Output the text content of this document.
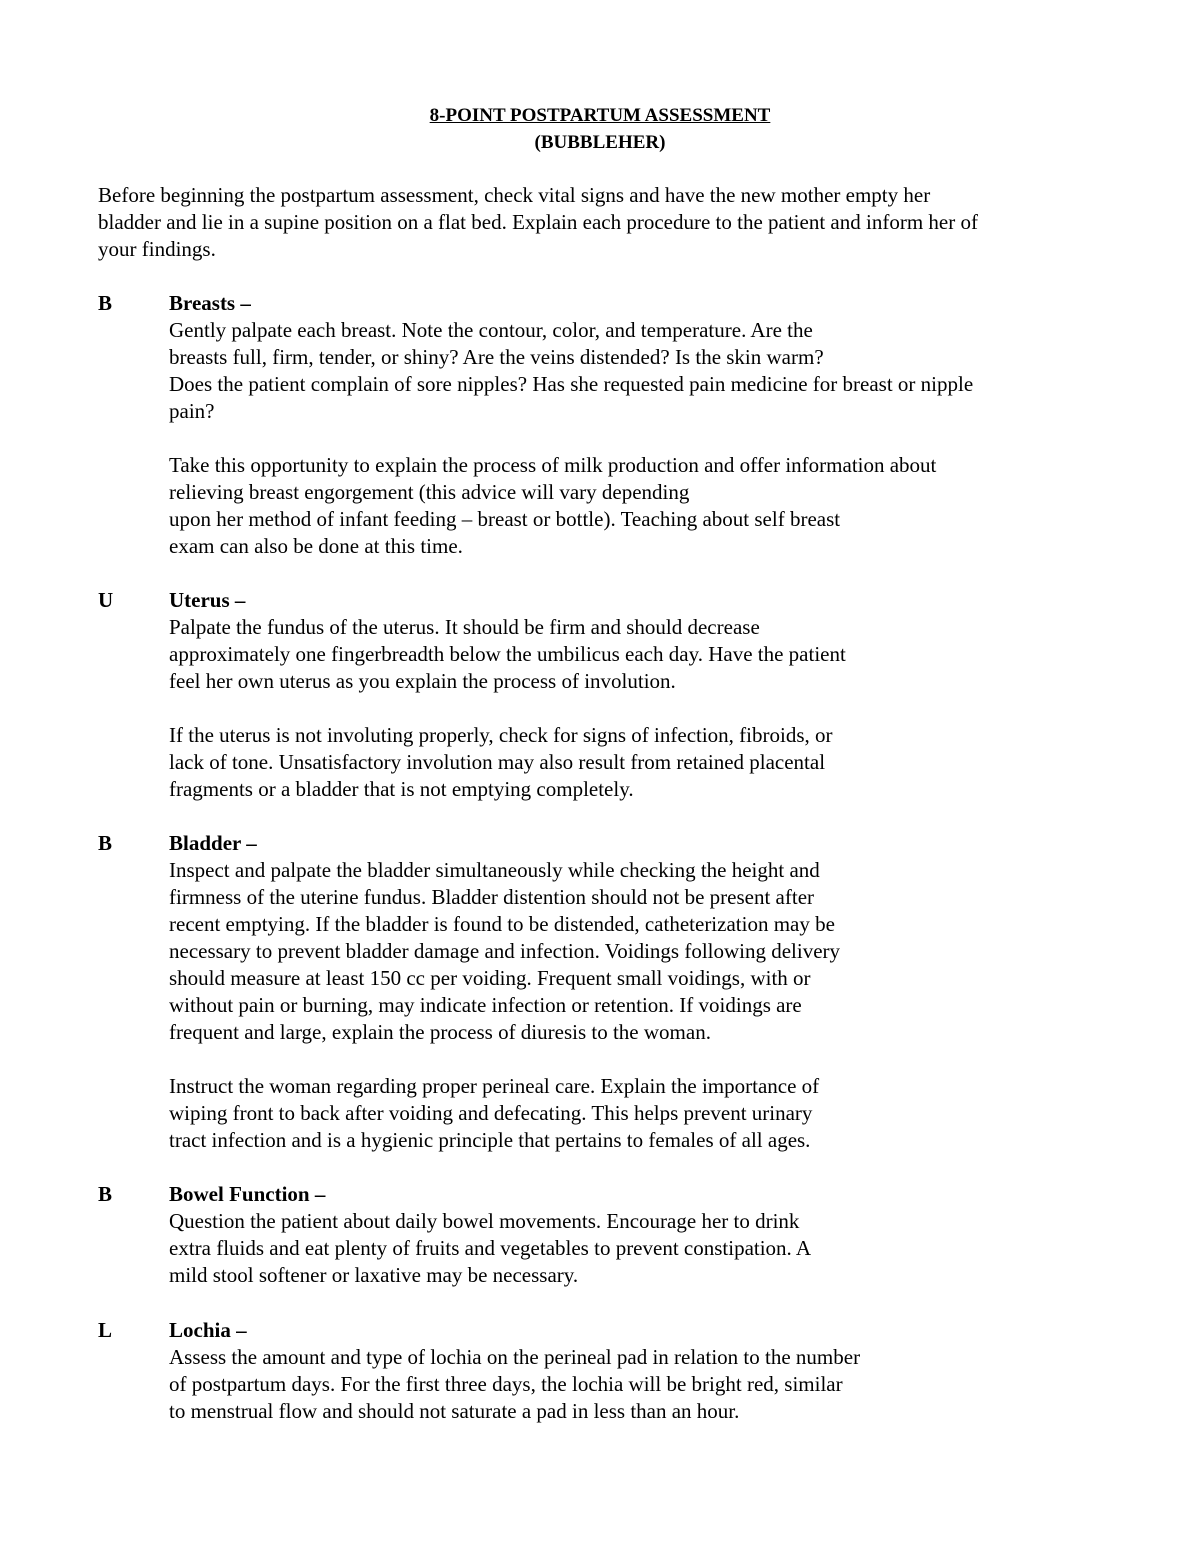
8-POINT POSTPARTUM ASSESSMENT
(BUBBLEHER)
Before beginning the postpartum assessment, check vital signs and have the new mother empty her
bladder and lie in a supine position on a flat bed. Explain each procedure to the patient and inform her of
your findings.
B	Breasts –
Gently palpate each breast. Note the contour, color, and temperature. Are the
breasts full, firm, tender, or shiny? Are the veins distended? Is the skin warm?
Does the patient complain of sore nipples? Has she requested pain medicine for breast or nipple
pain?
Take this opportunity to explain the process of milk production and offer information about
relieving breast engorgement (this advice will vary depending
upon her method of infant feeding – breast or bottle). Teaching about self breast
exam can also be done at this time.
U	Uterus –
Palpate the fundus of the uterus. It should be firm and should decrease
approximately one fingerbreadth below the umbilicus each day. Have the patient
feel her own uterus as you explain the process of involution.
If the uterus is not involuting properly, check for signs of infection, fibroids, or
lack of tone. Unsatisfactory involution may also result from retained placental
fragments or a bladder that is not emptying completely.
B	Bladder –
Inspect and palpate the bladder simultaneously while checking the height and
firmness of the uterine fundus. Bladder distention should not be present after
recent emptying. If the bladder is found to be distended, catheterization may be
necessary to prevent bladder damage and infection. Voidings following delivery
should measure at least 150 cc per voiding. Frequent small voidings, with or
without pain or burning, may indicate infection or retention. If voidings are
frequent and large, explain the process of diuresis to the woman.
Instruct the woman regarding proper perineal care. Explain the importance of
wiping front to back after voiding and defecating. This helps prevent urinary
tract infection and is a hygienic principle that pertains to females of all ages.
B	Bowel Function –
Question the patient about daily bowel movements. Encourage her to drink
extra fluids and eat plenty of fruits and vegetables to prevent constipation. A
mild stool softener or laxative may be necessary.
L	Lochia –
Assess the amount and type of lochia on the perineal pad in relation to the number
of postpartum days. For the first three days, the lochia will be bright red, similar
to menstrual flow and should not saturate a pad in less than an hour.
